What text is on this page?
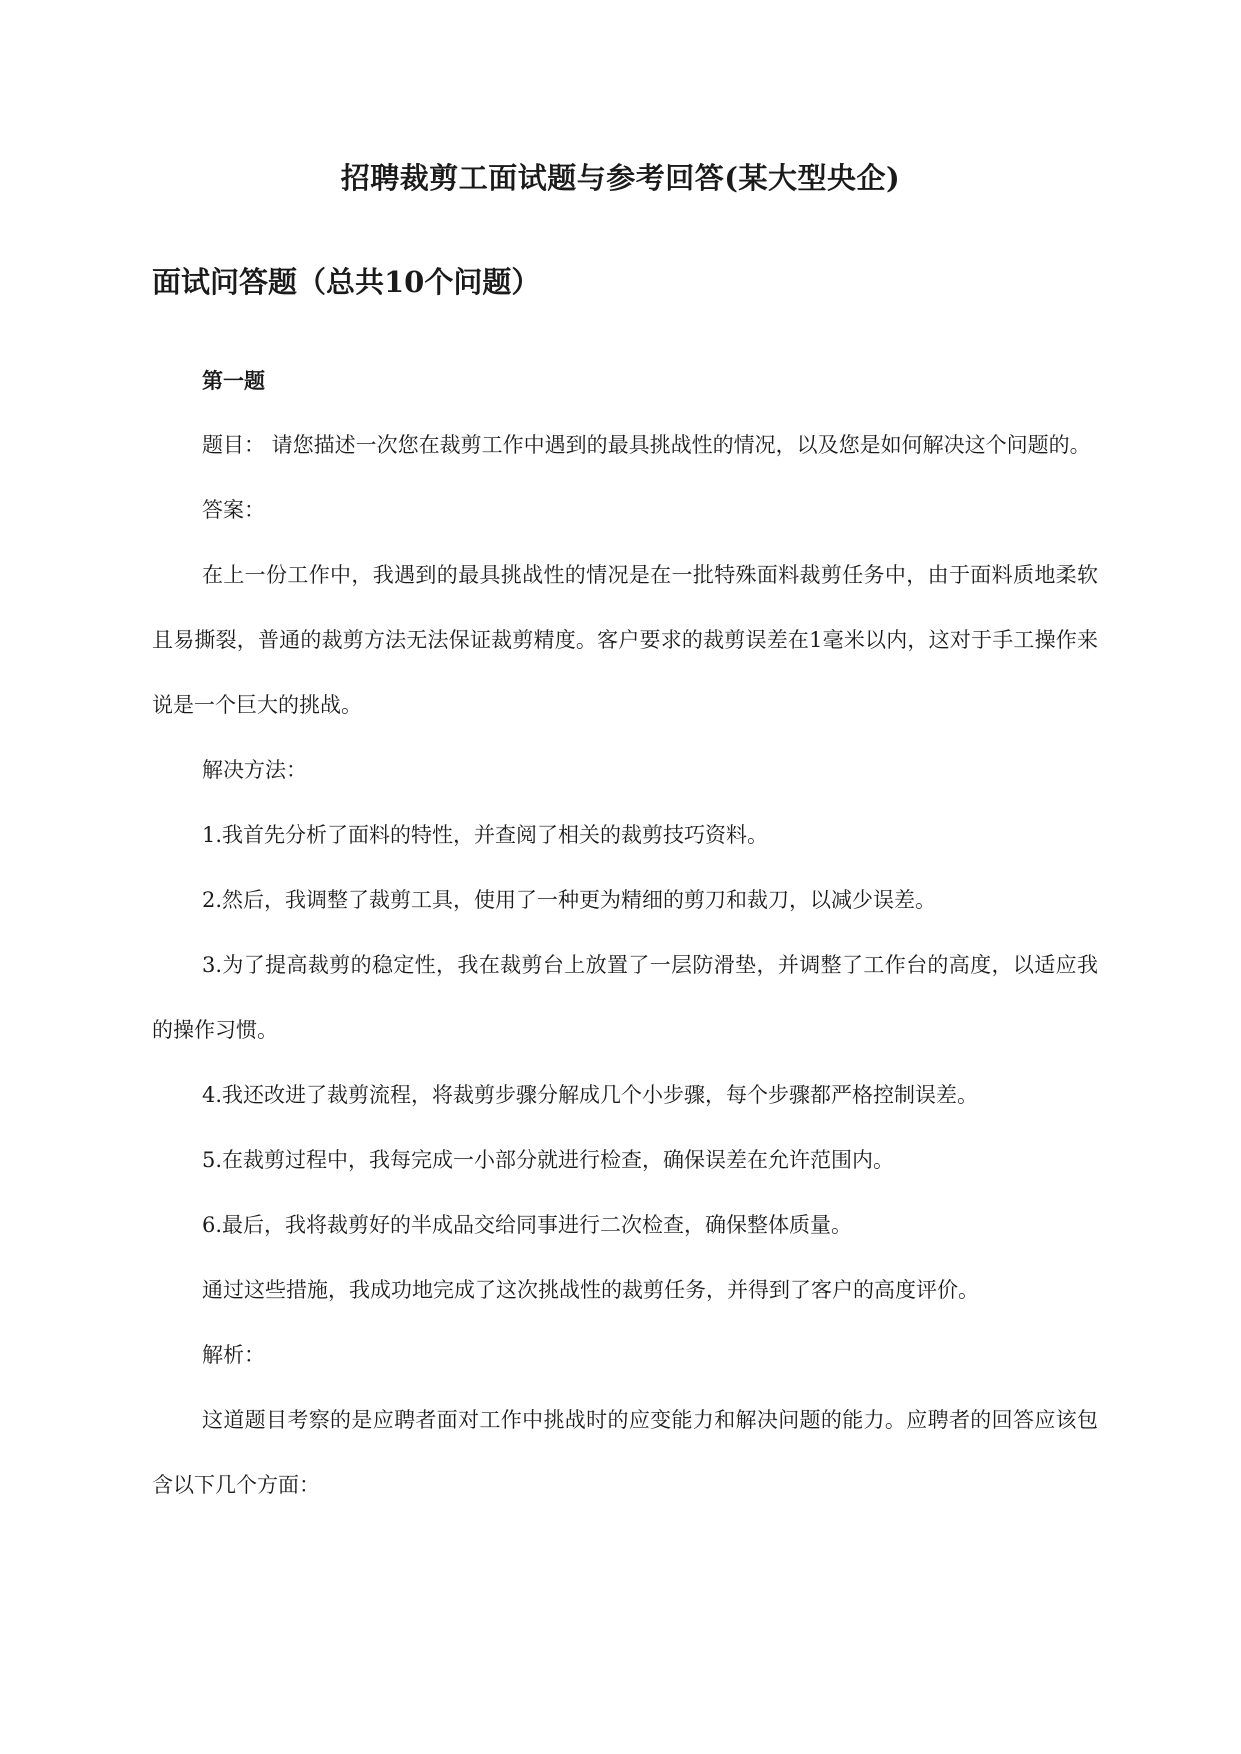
招聘裁剪工面试题与参考回答(某大型央企)
面试问答题（总共10个问题）

第一题

题目： 请您描述一次您在裁剪工作中遇到的最具挑战性的情况，以及您是如何解决这个问题的。

答案：

在上一份工作中，我遇到的最具挑战性的情况是在一批特殊面料裁剪任务中，由于面料质地柔软且易撕裂，普通的裁剪方法无法保证裁剪精度。客户要求的裁剪误差在1毫米以内，这对于手工操作来说是一个巨大的挑战。

解决方法：

1.我首先分析了面料的特性，并查阅了相关的裁剪技巧资料。

2.然后，我调整了裁剪工具，使用了一种更为精细的剪刀和裁刀，以减少误差。

3.为了提高裁剪的稳定性，我在裁剪台上放置了一层防滑垫，并调整了工作台的高度，以适应我的操作习惯。

4.我还改进了裁剪流程，将裁剪步骤分解成几个小步骤，每个步骤都严格控制误差。

5.在裁剪过程中，我每完成一小部分就进行检查，确保误差在允许范围内。

6.最后，我将裁剪好的半成品交给同事进行二次检查，确保整体质量。

通过这些措施，我成功地完成了这次挑战性的裁剪任务，并得到了客户的高度评价。

解析：

这道题目考察的是应聘者面对工作中挑战时的应变能力和解决问题的能力。应聘者的回答应该包含以下几个方面：
